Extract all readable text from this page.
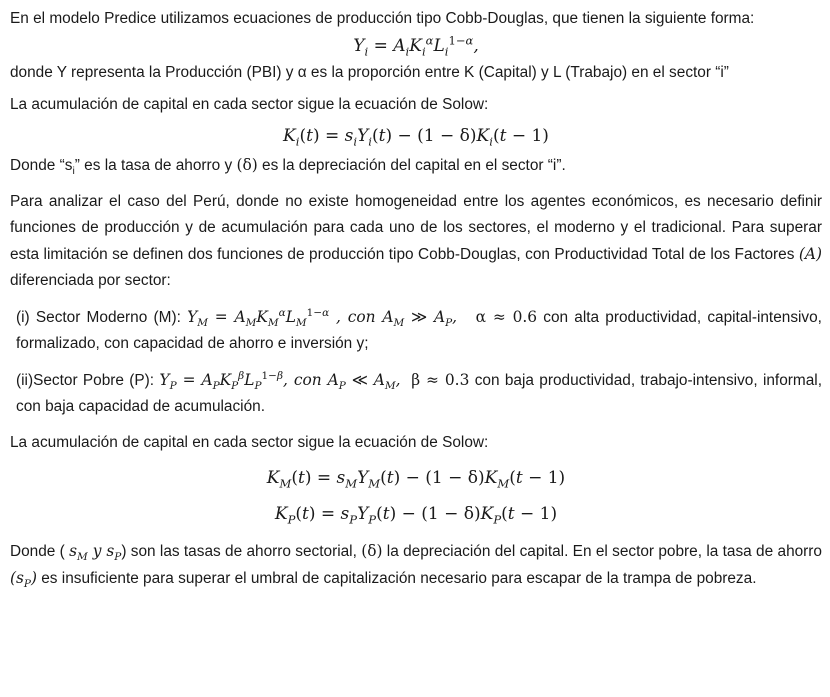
En el modelo Predice utilizamos ecuaciones de producción tipo Cobb-Douglas, que tienen la siguiente forma:

$Y_i = A_iK_i^\alpha L_i^{1-\alpha}$,

donde Y representa la Producción (PBI) y α es la proporción entre K (Capital) y L (Trabajo) en el sector “i”

La acumulación de capital en cada sector sigue la ecuación de Solow:

$K_i(t) = s_iY_i(t) - (1 - \delta)K_i(t - 1)$

Donde “$s_i$” es la tasa de ahorro y (δ) es la depreciación del capital en el sector “i”.

Para analizar el caso del Perú, donde no existe homogeneidad entre los agentes económicos, es necesario definir funciones de producción y de acumulación para cada uno de los sectores, el moderno y el tradicional. Para superar esta limitación se definen dos funciones de producción tipo Cobb-Douglas, con Productividad Total de los Factores (A) diferenciada por sector:

(i) Sector Moderno (M): $Y_M = A_MK_M^\alpha L_M^{1-\alpha}$ , con $A_M$ ≫ $A_P$, α ≈ 0.6 con alta productividad, capital-intensivo, formalizado, con capacidad de ahorro e inversión y;

(ii)Sector Pobre (P): $Y_P = A_PK_P^\beta L_P^{1-\beta}$, con $A_P$ ≪ $A_M$, β ≈ 0.3 con baja productividad, trabajo-intensivo, informal, con baja capacidad de acumulación.

La acumulación de capital en cada sector sigue la ecuación de Solow:

$K_M(t) = s_MY_M(t) - (1 - \delta)K_M(t - 1)$
$K_P(t) = s_PY_P(t) - (1 - \delta)K_P(t - 1)$

Donde ( $s_M$ y $s_P$) son las tasas de ahorro sectorial, (δ) la depreciación del capital. En el sector pobre, la tasa de ahorro $(s_P)$ es insuficiente para superar el umbral de capitalización necesario para escapar de la trampa de pobreza.
